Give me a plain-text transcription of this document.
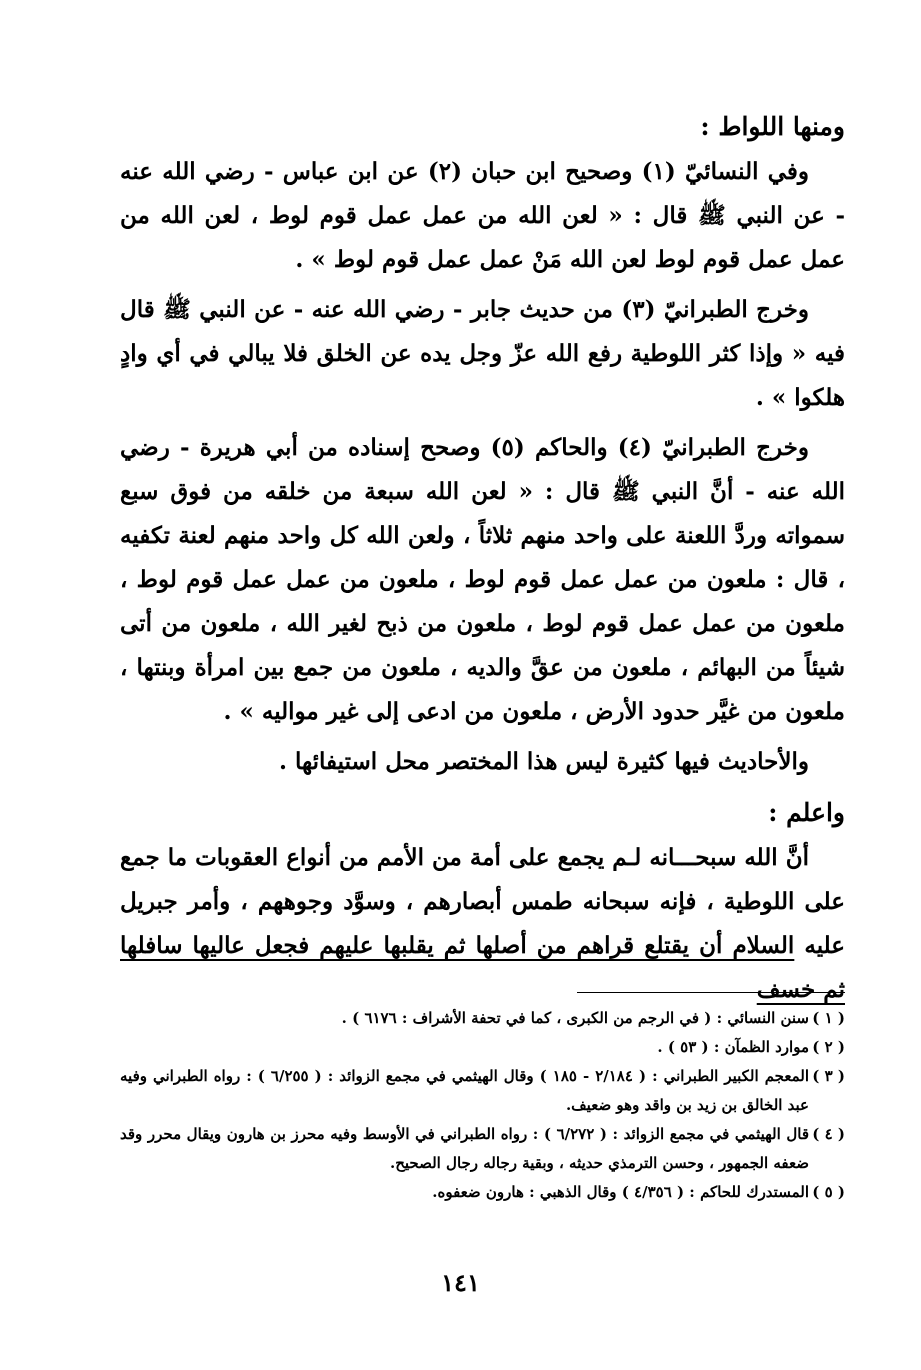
ومنها اللواط :

وفي النسائيّ (١) وصحيح ابن حبان (٢) عن ابن عباس - رضي الله عنه - عن النبي ﷺ قال : « لعن الله من عمل عمل قوم لوط ، لعن الله من عمل عمل قوم لوط لعن الله مَنْ عمل عمل قوم لوط » .

وخرج الطبرانيّ (٣) من حديث جابر - رضي الله عنه - عن النبي ﷺ قال فيه « وإذا كثر اللوطية رفع الله عزّ وجل يده عن الخلق فلا يبالي في أي وادٍ هلكوا » .

وخرج الطبرانيّ (٤) والحاكم (٥) وصحح إسناده من أبي هريرة - رضي الله عنه - أنَّ النبي ﷺ قال : « لعن الله سبعة من خلقه من فوق سبع سمواته وردَّ اللعنة على واحد منهم ثلاثاً ، ولعن الله كل واحد منهم لعنة تكفيه ، قال : ملعون من عمل عمل قوم لوط ، ملعون من عمل عمل قوم لوط ، ملعون من عمل عمل قوم لوط ، ملعون من ذبح لغير الله ، ملعون من أتى شيئاً من البهائم ، ملعون من عقَّ والديه ، ملعون من جمع بين امرأة وبنتها ، ملعون من غيَّر حدود الأرض ، ملعون من ادعى إلى غير مواليه » .

والأحاديث فيها كثيرة ليس هذا المختصر محل استيفائها .

واعلم :

أنَّ الله سبحـــانه لـم يجمع على أمة من الأمم من أنواع العقوبات ما جمع على اللوطية ، فإنه سبحانه طمس أبصارهم ، وسوَّد وجوههم ، وأمر جبريل عليه السلام أن يقتلع قراهم من أصلها ثم يقلبها عليهم فجعل عاليها سافلها ثم خسف

( ١ )
سنن النسائي : ( في الرجم من الكبرى ، كما في تحفة الأشراف : ٦١٧٦ ) .
( ٢ )
موارد الظمآن : ( ٥٣ ) .
( ٣ )
المعجم الكبير الطبراني : ( ٢/١٨٤ - ١٨٥ ) وقال الهيثمي في مجمع الزوائد : ( ٦/٢٥٥ ) : رواه الطبراني وفيه عبد الخالق بن زيد بن واقد وهو ضعيف.
( ٤ )
قال الهيثمي في مجمع الزوائد : ( ٦/٢٧٢ ) : رواه الطبراني في الأوسط وفيه محرز بن هارون ويقال محرر وقد ضعفه الجمهور ، وحسن الترمذي حديثه ، وبقية رجاله رجال الصحيح.
( ٥ )
المستدرك للحاكم : ( ٤/٣٥٦ ) وقال الذهبي : هارون ضعفوه.
١٤١
